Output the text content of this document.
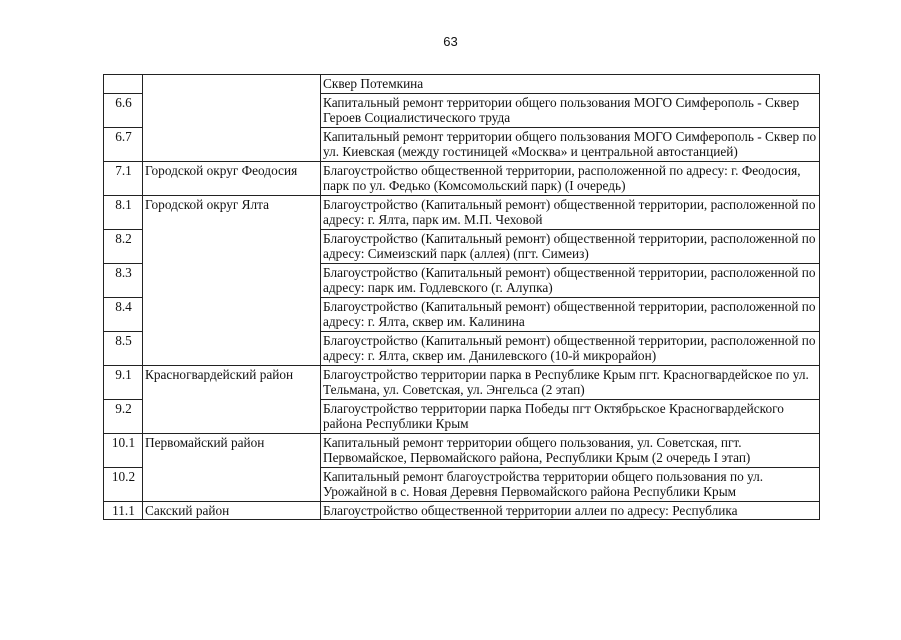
63
		Сквер Потемкина
6.6		Капитальный ремонт территории общего пользования МОГО Симферополь - Сквер Героев Социалистического труда
6.7		Капитальный ремонт территории общего пользования МОГО Симферополь - Сквер по ул. Киевская (между гостиницей «Москва» и центральной автостанцией)
7.1	Городской округ Феодосия	Благоустройство общественной территории, расположенной по адресу: г. Феодосия, парк по ул. Федько (Комсомольский парк) (I очередь)
8.1	Городской округ Ялта	Благоустройство (Капитальный ремонт) общественной территории, расположенной по адресу: г. Ялта, парк им. М.П. Чеховой
8.2		Благоустройство (Капитальный ремонт) общественной территории, расположенной по адресу: Симеизский парк (аллея) (пгт. Симеиз)
8.3		Благоустройство (Капитальный ремонт) общественной территории, расположенной по адресу: парк им. Годлевского (г. Алупка)
8.4		Благоустройство (Капитальный ремонт) общественной территории, расположенной по адресу: г. Ялта, сквер им. Калинина
8.5		Благоустройство (Капитальный ремонт) общественной территории, расположенной по адресу: г. Ялта, сквер им. Данилевского (10-й микрорайон)
9.1	Красногвардейский район	Благоустройство территории парка в Республике Крым пгт. Красногвардейское по ул. Тельмана, ул. Советская, ул. Энгельса (2 этап)
9.2		Благоустройство территории парка Победы пгт Октябрьское Красногвардейского района Республики Крым
10.1	Первомайский район	Капитальный ремонт территории общего пользования, ул. Советская, пгт. Первомайское, Первомайского района, Республики Крым (2 очередь I этап)
10.2		Капитальный ремонт благоустройства территории общего пользования по ул. Урожайной в с. Новая Деревня Первомайского района Республики Крым
11.1	Сакский район	Благоустройство общественной территории аллеи по адресу: Республика
